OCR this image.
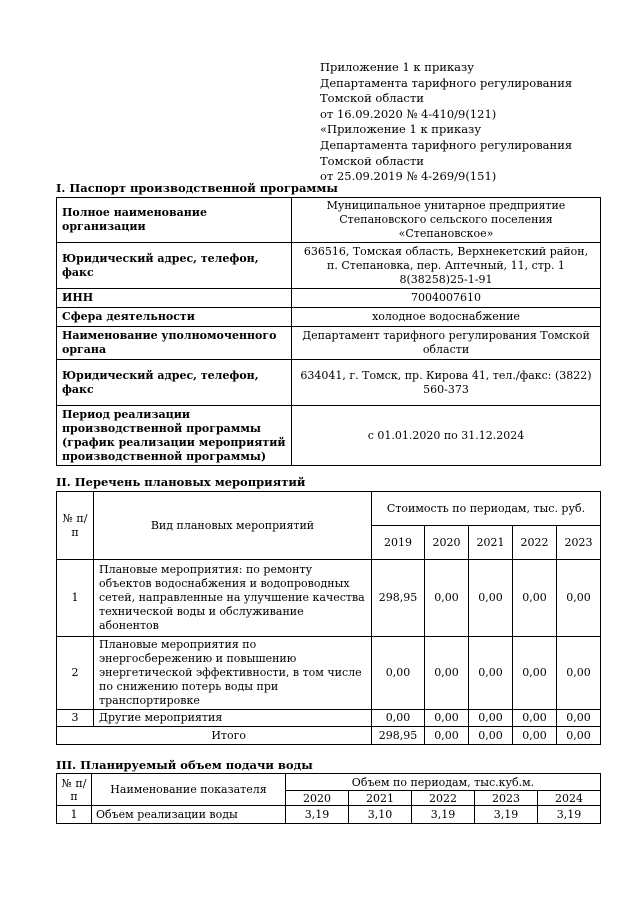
Приложение 1 к приказу
Департамента тарифного регулирования
Томской области
от 16.09.2020 № 4-410/9(121)
«Приложение 1 к приказу
Департамента тарифного регулирования
Томской области
от 25.09.2019 № 4-269/9(151)
I. Паспорт производственной программы
Полное наименование организации	Муниципальное унитарное предприятие Степановского сельского поселения «Степановское»
Юридический адрес, телефон, факс	636516, Томская область, Верхнекетский район, п. Степановка, пер. Аптечный, 11, стр. 1 8(38258)25-1-91
ИНН	7004007610
Сфера деятельности	холодное водоснабжение
Наименование уполномоченного органа	Департамент тарифного регулирования Томской области
Юридический адрес, телефон, факс	634041, г. Томск, пр. Кирова 41, тел./факс: (3822) 560-373
Период реализации производственной программы (график реализации мероприятий производственной программы)	с 01.01.2020 по 31.12.2024
II. Перечень плановых мероприятий
№ п/п	Вид плановых мероприятий	Стоимость по периодам, тыс. руб.				
		2019	2020	2021	2022	2023
1	Плановые мероприятия: по ремонту объектов водоснабжения и водопроводных сетей, направленные на улучшение качества технической воды и обслуживание абонентов	298,95	0,00	0,00	0,00	0,00
2	Плановые мероприятия по энергосбережению и повышению энергетической эффективности, в том числе по снижению потерь воды при транспортировке	0,00	0,00	0,00	0,00	0,00
3	Другие мероприятия	0,00	0,00	0,00	0,00	0,00
Итого		298,95	0,00	0,00	0,00	0,00
III. Планируемый объем подачи воды
№ п/п	Наименование показателя	Объем по периодам, тыс.куб.м.				
		2020	2021	2022	2023	2024
1	Объем реализации воды	3,19	3,10	3,19	3,19	3,19
